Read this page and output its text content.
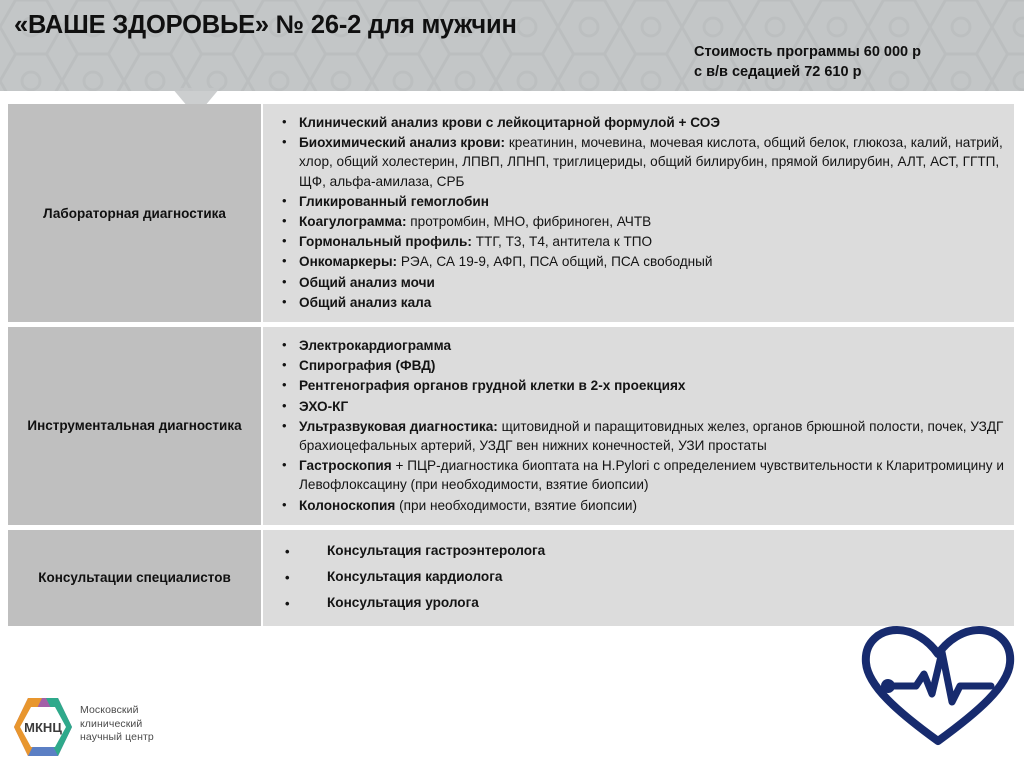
«ВАШЕ ЗДОРОВЬЕ» № 26-2 для мужчин
Стоимость программы 60 000 р
с в/в седацией 72 610 р
Лабораторная диагностика
• Клинический анализ крови с лейкоцитарной формулой + СОЭ
• Биохимический анализ крови: креатинин, мочевина, мочевая кислота, общий белок, глюкоза, калий, натрий, хлор, общий холестерин, ЛПВП, ЛПНП, триглицериды, общий билирубин, прямой билирубин, АЛТ, АСТ, ГГТП, ЩФ, альфа-амилаза, СРБ
• Гликированный гемоглобин
• Коагулограмма: протромбин, МНО, фибриноген, АЧТВ
• Гормональный профиль: ТТГ, Т3, Т4, антитела к ТПО
• Онкомаркеры: РЭА, СА 19-9, АФП, ПСА общий, ПСА свободный
• Общий анализ мочи
• Общий анализ кала
Инструментальная диагностика
• Электрокардиограмма
• Спирография (ФВД)
• Рентгенография органов грудной клетки в 2-х проекциях
• ЭХО-КГ
• Ультразвуковая диагностика: щитовидной и паращитовидных желез, органов брюшной полости, почек, УЗДГ брахиоцефальных артерий, УЗДГ вен нижних конечностей, УЗИ простаты
• Гастроскопия + ПЦР-диагностика биоптата на H.Pylori с определением чувствительности к Кларитромицину и Левофлоксацину (при необходимости, взятие биопсии)
• Колоноскопия (при необходимости, взятие биопсии)
Консультации специалистов
• Консультация гастроэнтеролога
• Консультация кардиолога
• Консультация уролога
МКНЦ
Московский
клинический
научный центр
